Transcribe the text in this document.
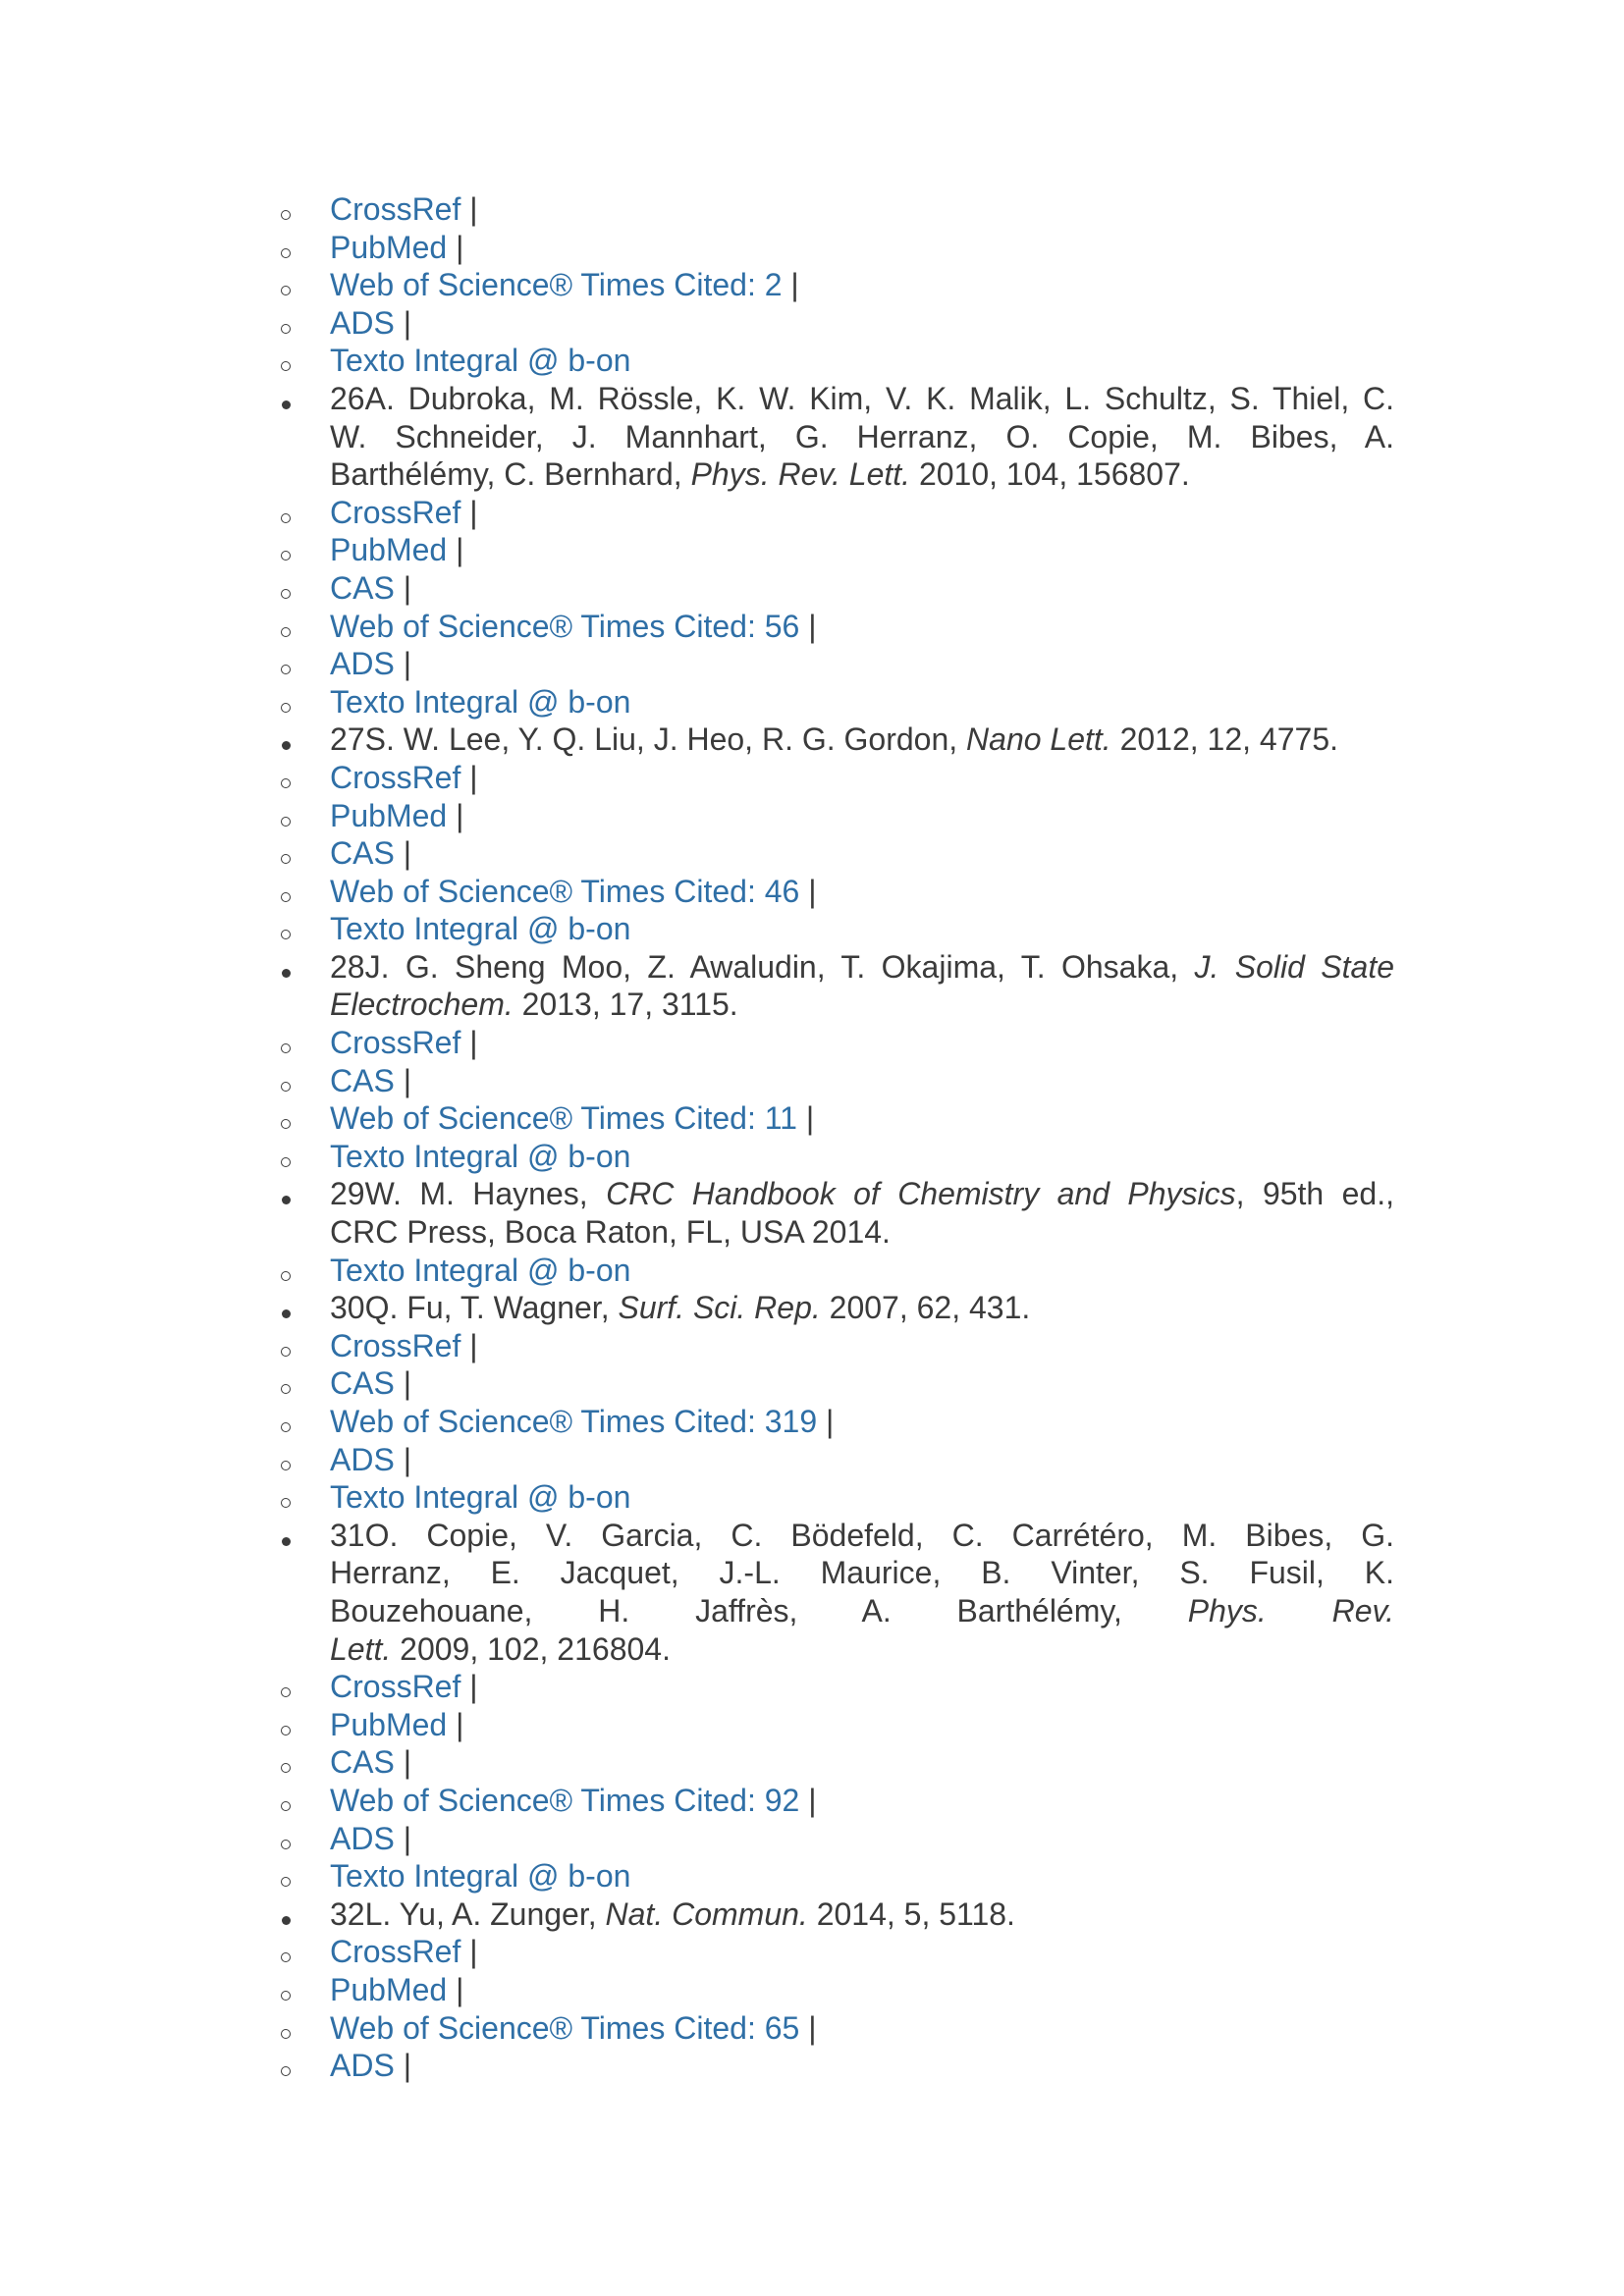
CrossRef |
PubMed |
Web of Science® Times Cited: 2 |
ADS |
Texto Integral @ b-on
26A. Dubroka, M. Rössle, K. W. Kim, V. K. Malik, L. Schultz, S. Thiel, C.
W. Schneider, J. Mannhart, G. Herranz, O. Copie, M. Bibes, A.
Barthélémy, C. Bernhard, Phys. Rev. Lett. 2010, 104, 156807.
CrossRef |
PubMed |
CAS |
Web of Science® Times Cited: 56 |
ADS |
Texto Integral @ b-on
27S. W. Lee, Y. Q. Liu, J. Heo, R. G. Gordon, Nano Lett. 2012, 12, 4775.
CrossRef |
PubMed |
CAS |
Web of Science® Times Cited: 46 |
Texto Integral @ b-on
28J. G. Sheng Moo, Z. Awaludin, T. Okajima, T. Ohsaka, J. Solid State
Electrochem. 2013, 17, 3115.
CrossRef |
CAS |
Web of Science® Times Cited: 11 |
Texto Integral @ b-on
29W. M. Haynes, CRC Handbook of Chemistry and Physics, 95th ed.,
CRC Press, Boca Raton, FL, USA 2014.
Texto Integral @ b-on
30Q. Fu, T. Wagner, Surf. Sci. Rep. 2007, 62, 431.
CrossRef |
CAS |
Web of Science® Times Cited: 319 |
ADS |
Texto Integral @ b-on
31O. Copie, V. Garcia, C. Bödefeld, C. Carrétéro, M. Bibes, G.
Herranz, E. Jacquet, J.-L. Maurice, B. Vinter, S. Fusil, K.
Bouzehouane, H. Jaffrès, A. Barthélémy, Phys. Rev.
Lett. 2009, 102, 216804.
CrossRef |
PubMed |
CAS |
Web of Science® Times Cited: 92 |
ADS |
Texto Integral @ b-on
32L. Yu, A. Zunger, Nat. Commun. 2014, 5, 5118.
CrossRef |
PubMed |
Web of Science® Times Cited: 65 |
ADS |
